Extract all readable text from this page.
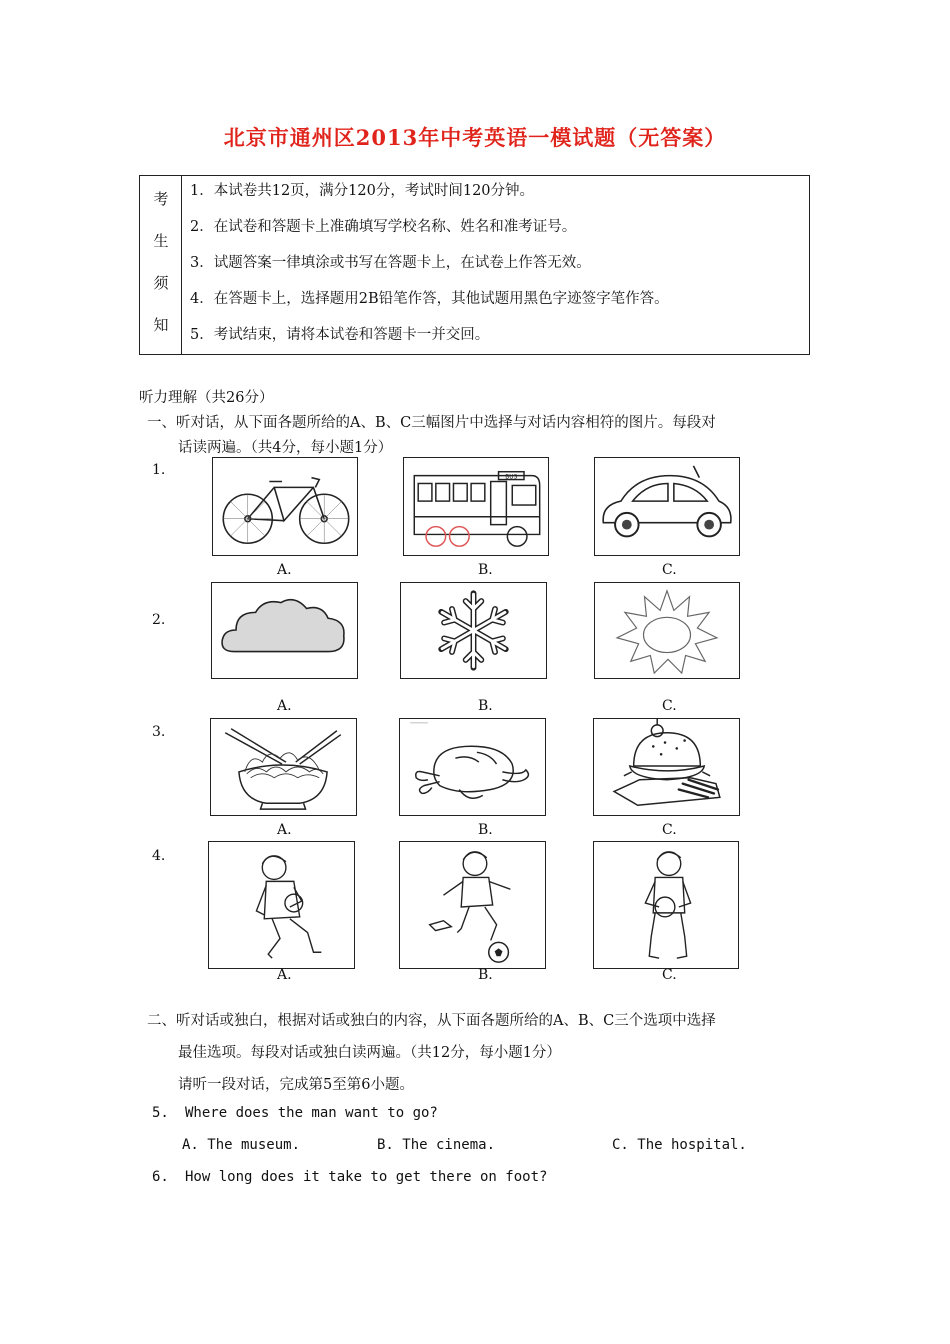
北京市通州区2013年中考英语一模试题（无答案）
考
生
须
知
1．本试卷共12页，满分120分，考试时间120分钟。
2．在试卷和答题卡上准确填写学校名称、姓名和准考证号。
3．试题答案一律填涂或书写在答题卡上，在试卷上作答无效。
4．在答题卡上，选择题用2B铅笔作答，其他试题用黑色字迹签字笔作答。
5．考试结束，请将本试卷和答题卡一并交回。
听力理解（共26分）
一、听对话，从下面各题所给的A、B、C三幅图片中选择与对话内容相符的图片。每段对
话读两遍。（共4分，每小题1分）
1.	BUS
A.	B.	C.
2.
A.	B.	C.
3.
A.	B.	C.
4.
A.	B.	C.
二、听对话或独白，根据对话或独白的内容，从下面各题所给的A、B、C三个选项中选择
最佳选项。每段对话或独白读两遍。（共12分，每小题1分）
请听一段对话，完成第5至第6小题。
5. Where does the man want to go?
A. The museum.	B. The cinema.	C. The hospital.
6. How long does it take to get there on foot?
